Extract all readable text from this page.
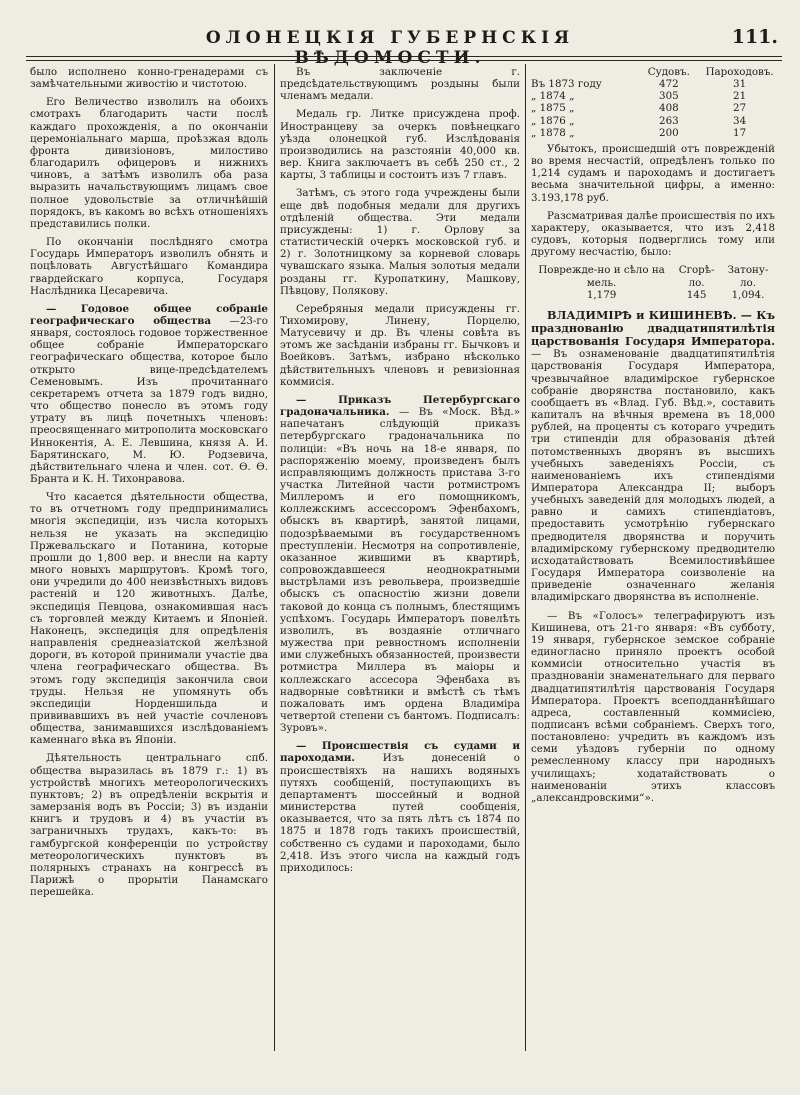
ОЛОНЕЦКІЯ ГУБЕРНСКІЯ ВѢДОМОСТИ.
111.

было исполнено конно-гренадерами съ замѣчательными живостію и чистотою.

Его Величество изволилъ на обоихъ смотрахъ благодарить части послѣ каждаго прохожденія, а по окончаніи церемоніальнаго марша, проѣзжая вдоль фронта дивизіоновъ, милостиво благодарилъ офицеровъ и нижнихъ чиновъ, а затѣмъ изволилъ оба раза выразить начальствующимъ лицамъ свое полное удовольствіе за отличнѣйшій порядокъ, въ какомъ во всѣхъ отношеніяхъ представились полки.

По окончаніи послѣдняго смотра Государь Императоръ изволилъ обнять и поцѣловать Августѣйшаго Командира гвардейскаго корпуса, Государя Наслѣдника Цесаревича.

— Годовое общее собраніе географическаго общества —23-го января, состоялось годовое торжественное общее собраніе Императорскаго географическаго общества, которое было открыто вице-предсѣдателемъ Семеновымъ. Изъ прочитаннаго секретаремъ отчета за 1879 годъ видно, что общество понесло въ этомъ году утрату въ лицѣ почетныхъ членовъ: преосвященнаго митрополита московскаго Иннокентія, А. Е. Левшина, князя А. И. Барятинскаго, М. Ю. Родзевича, дѣйствительнаго члена и член. сот. Ѳ. Ѳ. Бранта и К. Н. Тихонравова.

Что касается дѣятельности общества, то въ отчетномъ году предпринимались многія экспедиціи, изъ числа которыхъ нельзя не указать на экспедицію Пржевальскаго и Потанина, которые прошли до 1,800 вер. и внесли на карту много новыхъ маршрутовъ. Кромѣ того, они учредили до 400 неизвѣстныхъ видовъ растеній и 120 животныхъ. Далѣе, экспедиція Певцова, ознакомившая насъ съ торговлей между Китаемъ и Японіей. Наконецъ, экспедиція для опредѣленія направленія среднеазіатской желѣзной дороги, въ которой принимали участіе два члена географическаго общества. Въ этомъ году экспедиція закончила свои труды. Нельзя не упомянуть объ экспедиціи Норденшильда и прививавшихъ въ ней участіе сочленовъ общества, занимавшихся изслѣдованіемъ каменнаго вѣка въ Японіи.

Дѣятельность центральнаго спб. общества выразилась въ 1879 г.: 1) въ устройствѣ многихъ метеорологическихъ пунктовъ; 2) въ опредѣленіи вскрытія и замерзанія водъ въ Россіи; 3) въ изданіи книгъ и трудовъ и 4) въ участіи въ заграничныхъ трудахъ, какъ-то: въ гамбургской конференціи по устройству метеорологическихъ пунктовъ въ полярныхъ странахъ на конгрессѣ въ Парижѣ о прорытіи Панамскаго перешейка.

Въ заключеніе г. предсѣдательствующимъ роздыны были членамъ медали.

Медаль гр. Литке присуждена проф. Иностранцеву за очеркъ повѣнецкаго уѣзда олонецкой губ. Изслѣдованія производились на разстояніи 40,000 кв. вер. Книга заключаетъ въ себѣ 250 ст., 2 карты, 3 таблицы и состоитъ изъ 7 главъ.

Затѣмъ, съ этого года учреждены были еще двѣ подобныя медали для другихъ отдѣленій общества. Эти медали присуждены: 1) г. Орлову за статистическій очеркъ московской губ. и 2) г. Золотницкому за корневой словарь чувашскаго языка. Малыя золотыя медали розданы гг. Куропаткину, Машкову, Пѣвцову, Полякову.

Серебряныя медали присуждены гг. Тихомирову, Линену, Порцелю, Матусевичу и др. Въ члены совѣта въ этомъ же засѣданіи избраны гг. Бычковъ и Воейковъ. Затѣмъ, избрано нѣсколько дѣйствительныхъ членовъ и ревизіонная коммисія.

— Приказъ Петербургскаго градоначальника. — Въ «Моск. Вѣд.» напечатанъ слѣдующій приказъ петербургскаго градоначальника по полиціи: «Въ ночь на 18-е января, по распоряженію моему, произведенъ былъ исправляющимъ должность пристава 3-го участка Литейной части ротмистромъ Миллеромъ и его помощникомъ, коллежскимъ ассессоромъ Эфенбахомъ, обыскъ въ квартирѣ, занятой лицами, подозрѣваемыми въ государственномъ преступленіи. Несмотря на сопротивленіе, оказанное жившими въ квартирѣ, сопровождавшееся неоднократными выстрѣлами изъ револьвера, произведшіе обыскъ съ опасностію жизни довели таковой до конца съ полнымъ, блестящимъ успѣхомъ. Государь Императоръ повелѣть изволилъ, въ воздаяніе отличнаго мужества при ревностномъ исполненіи ими служебныхъ обязанностей, произвести ротмистра Миллера въ маіоры и коллежскаго ассесора Эфенбаха въ надворные совѣтники и вмѣстѣ съ тѣмъ пожаловать имъ ордена Владиміра четвертой степени съ бантомъ. Подписалъ: Зуровъ».

— Происшествія съ судами и пароходами.	Изъ донесеній о происшествіяхъ на нашихъ водяныхъ путяхъ сообщеній, поступающихъ въ департаментъ шоссейный и водной министерства путей сообщенія, оказывается, что за пять лѣтъ съ 1874 по 1875 и 1878 годъ такихъ происшествій, собственно съ судами и пароходами, было 2,418. Изъ этого числа на каждый годъ приходилось:

	Судовъ.	Пароходовъ.
Въ 1873 году	472	31
„ 1874 „	305	21
„ 1875 „	408	27
„ 1876 „	263	34
„ 1878 „	200	17

Убытокъ, происшедшій отъ поврежденій во время несчастій, опредѣленъ только по 1,214 судамъ и пароходамъ и достигаетъ весьма значительной цифры, а именно: 3.193,178 руб.

Разсматривая далѣе происшествія по ихъ характеру, оказывается, что изъ 2,418 судовъ, которыя подверглись тому или другому несчастію, было:

Поврежде-но и сѣло на мель.	Сгорѣ-ло.	Затону-ло.
1,179	145	1,094.

ВЛАДИМІРѢ и КИШИНЕВѢ. — Къ празднованію двадцатипятилѣтія царствованія Государя Императора. — Въ ознаменованіе двадцатипятилѣтія царствованія Государя Императора, чрезвычайное владимірское губернское собраніе дворянства постановило, какъ сообщаетъ въ «Влад. Губ. Вѣд.», составить капиталъ на вѣчныя времена въ 18,000 рублей, на проценты съ котораго учредить три стипендіи для образованія дѣтей потомственныхъ дворянъ въ высшихъ учебныхъ заведеніяхъ Россіи, съ наименованіемъ ихъ стипендіями Императора Александра II; выборъ учебныхъ заведеній для молодыхъ людей, а равно и самихъ стипендіатовъ, предоставить усмотрѣнію губернскаго предводителя дворянства и поручить владимірскому губернскому предводителю исходатайствовать Всемилостивѣйшее Государя Императора соизволеніе на приведеніе означеннаго желанія владимірскаго дворянства въ исполненіе.

— Въ «Голосъ» телеграфируютъ изъ Кишинева, отъ 21-го января: «Въ субботу, 19 января, губернское земское собраніе единогласно приняло проектъ особой коммисіи относительно участія въ празднованіи знаменательнаго для перваго двадцатипятилѣтія царствованія Государя Императора. Проектъ всеподданнѣйшаго адреса, составленный коммисіею, подписанъ всѣми собраніемъ. Сверхъ того, постановлено: учредить въ каждомъ изъ семи уѣздовъ губерніи по одному ремесленному классу при народныхъ училищахъ; ходатайствовать о наименованіи этихъ классовъ „александровскими“».
